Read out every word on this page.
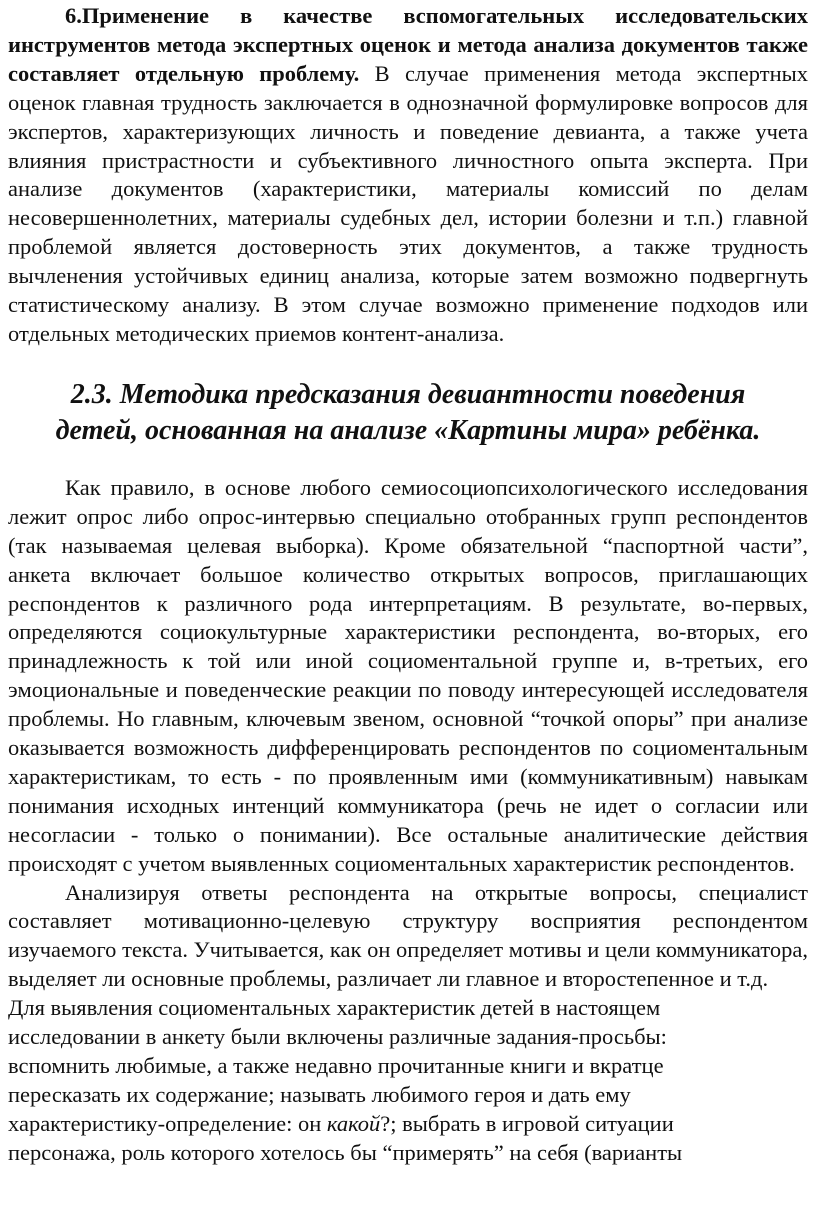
6.Применение в качестве вспомогательных исследовательских инструментов метода экспертных оценок и метода анализа документов также составляет отдельную проблему. В случае применения метода экспертных оценок главная трудность заключается в однозначной формулировке вопросов для экспертов, характеризующих личность и поведение девианта, а также учета влияния пристрастности и субъективного личностного опыта эксперта. При анализе документов (характеристики, материалы комиссий по делам несовершеннолетних, материалы судебных дел, истории болезни и т.п.) главной проблемой является достоверность этих документов, а также трудность вычленения устойчивых единиц анализа, которые затем возможно подвергнуть статистическому анализу. В этом случае возможно применение подходов или отдельных методических приемов контент-анализа.

2.3. Методика предсказания девиантности поведения
детей, основанная на анализе «Картины мира» ребёнка.

Как правило, в основе любого семиосоциопсихологического исследования лежит опрос либо опрос-интервью специально отобранных групп респондентов (так называемая целевая выборка). Кроме обязательной “паспортной части”, анкета включает большое количество открытых вопросов, приглашающих респондентов к различного рода интерпретациям. В результате, во-первых, определяются социокультурные характеристики респондента, во-вторых, его принадлежность к той или иной социоментальной группе и, в-третьих, его эмоциональные и поведенческие реакции по поводу интересующей исследователя проблемы. Но главным, ключевым звеном, основной “точкой опоры” при анализе оказывается возможность дифференцировать респондентов по социоментальным характеристикам, то есть - по проявленным ими (коммуникативным) навыкам понимания исходных интенций коммуникатора (речь не идет о согласии или несогласии - только о понимании). Все остальные аналитические действия происходят с учетом выявленных социоментальных характеристик респондентов.

Анализируя ответы респондента на открытые вопросы, специалист составляет мотивационно-целевую структуру восприятия респондентом изучаемого текста. Учитывается, как он определяет мотивы и цели коммуникатора, выделяет ли основные проблемы, различает ли главное и второстепенное и т.д.

Для выявления социоментальных характеристик детей в настоящем
исследовании в анкету были включены различные задания-просьбы:
вспомнить любимые, а также недавно прочитанные книги и вкратце
пересказать их содержание; называть любимого героя и дать ему
характеристику-определение: он какой?; выбрать в игровой ситуации
персонажа, роль которого хотелось бы “примерять” на себя (варианты
